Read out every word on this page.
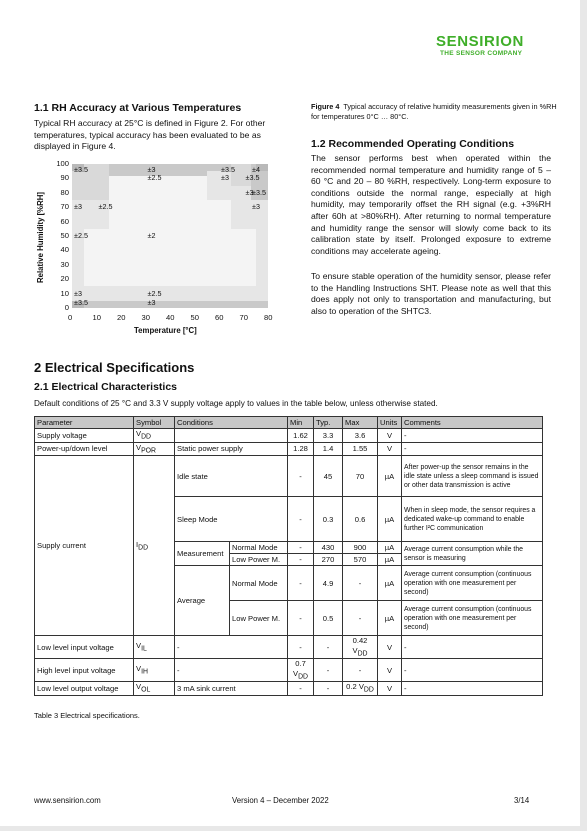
SENSIRION
THE SENSOR COMPANY
1.1 RH Accuracy at Various Temperatures
Typical RH accuracy at 25°C is defined in Figure 2. For other temperatures, typical accuracy has been evaluated to be as displayed in Figure 4.
Relative Humidity [%RH]
±3.5	±3	±3.5 ±4
±2.5	±3 ±3.5
±3
±3.5
±3 ±2.5	±3
±2.5	±2
±3	±2.5
±3.5	±3
Temperature [°C]
100
90
80
70
60
50
40
30
20
10
0
0	10 20 30 40 50 60 70 80
Figure 4 Typical accuracy of relative humidity measurements given in %RH for temperatures 0°C … 80°C.
1.2 Recommended Operating Conditions
The sensor performs best when operated within the recommended normal temperature and humidity range of 5 – 60 °C and 20 – 80 %RH, respectively. Long-term exposure to conditions outside the normal range, especially at high humidity, may temporarily offset the RH signal (e.g. +3%RH after 60h at >80%RH). After returning to normal temperature and humidity range the sensor will slowly come back to its calibration state by itself. Prolonged exposure to extreme conditions may accelerate ageing.
To ensure stable operation of the humidity sensor, please refer to the Handling Instructions SHT. Please note as well that this does apply not only to transportation and manufacturing, but also to operation of the SHTC3.
2 Electrical Specifications
2.1 Electrical Characteristics
Default conditions of 25 °C and 3.3 V supply voltage apply to values in the table below, unless otherwise stated.
Parameter	Symbol	Conditions		Min	Typ.	Max	Units	Comments
Supply voltage	$V_{DD}$			1.62	3.3	3.6	V	-
Power-up/down level	$V_{POR}$	Static power supply		1.28	1.4	1.55	V	-
Supply current	$I_{DD}$	Idle state		-	45	70	µA	After power-up the sensor remains in the idle state unless a sleep command is issued or other data transmission is active
		Sleep Mode		-	0.3	0.6	µA	When in sleep mode, the sensor requires a dedicated wake-up command to enable further I²C communication
		Measurement	Normal Mode	-	430	900	µA	Average current consumption while the sensor is measuring
			Low Power M.	-	270	570	µA	
		Average	Normal Mode	-	4.9	-	µA	Average current consumption (continuous operation with one measurement per second)
			Low Power M.	-	0.5	-	µA	Average current consumption (continuous operation with one measurement per second)
Low level input voltage	$V_{IL}$	-		-	-	0.42 $V_{DD}$	V	-
High level input voltage	$V_{IH}$	-		0.7 $V_{DD}$	-	-	V	-
Low level output voltage	$V_{OL}$	3 mA sink current		-	-	0.2 $V_{DD}$	V	-
Table 3 Electrical specifications.
www.sensirion.com	Version 4 – December 2022	3/14
